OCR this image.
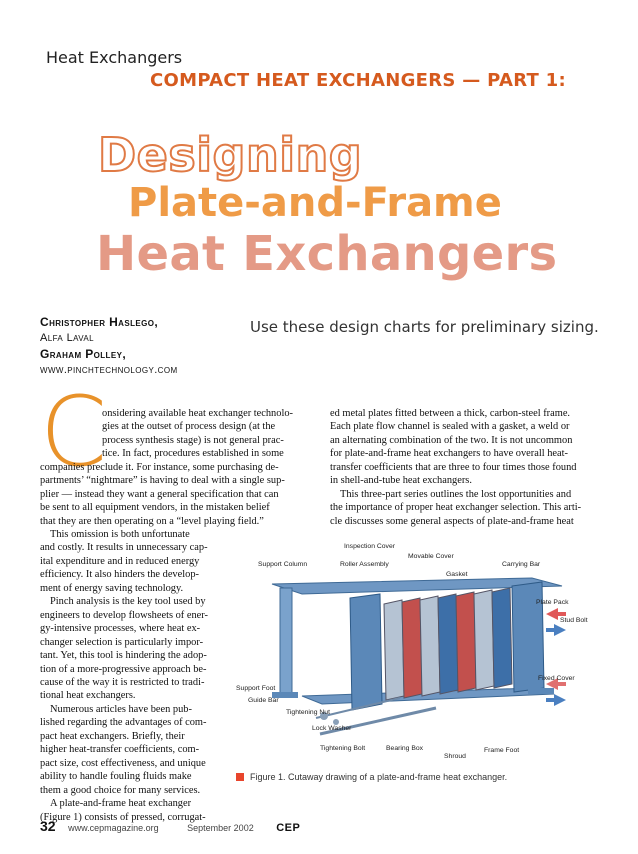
Heat Exchangers
COMPACT HEAT EXCHANGERS — PART 1:
Designing
Plate-and-Frame
Heat Exchangers
Christopher Haslego,
Alfa Laval
Graham Polley,
www.pinchtechnology.com
Use these design charts for preliminary sizing.
C
onsidering available heat exchanger technolo-
gies at the outset of process design (at the
process synthesis stage) is not general prac-
tice. In fact, procedures established in some
companies preclude it. For instance, some purchasing de-
partments’ “nightmare” is having to deal with a single sup-
plier — instead they want a general specification that can
be sent to all equipment vendors, in the mistaken belief
that they are then operating on a “level playing field.”
This omission is both unfortunate
and costly. It results in unnecessary cap-
ital expenditure and in reduced energy
efficiency. It also hinders the develop-
ment of energy saving technology.
Pinch analysis is the key tool used by
engineers to develop flowsheets of ener-
gy-intensive processes, where heat ex-
changer selection is particularly impor-
tant. Yet, this tool is hindering the adop-
tion of a more-progressive approach be-
cause of the way it is restricted to tradi-
tional heat exchangers.
Numerous articles have been pub-
lished regarding the advantages of com-
pact heat exchangers. Briefly, their
higher heat-transfer coefficients, com-
pact size, cost effectiveness, and unique
ability to handle fouling fluids make
them a good choice for many services.
A plate-and-frame heat exchanger
(Figure 1) consists of pressed, corrugat-
ed metal plates fitted between a thick, carbon-steel frame.
Each plate flow channel is sealed with a gasket, a weld or
an alternating combination of the two. It is not uncommon
for plate-and-frame heat exchangers to have overall heat-
transfer coefficients that are three to four times those found
in shell-and-tube heat exchangers.
This three-part series outlines the lost opportunities and
the importance of proper heat exchanger selection. This arti-
cle discusses some general aspects of plate-and-frame heat
Inspection Cover
Movable Cover
Support Column	Roller Assembly	Carrying Bar
Gasket
Plate Pack
Stud Bolt
Fixed Cover
Support Foot
Guide Bar
Tightening Nut
Lock Washer
Tightening Bolt	Bearing Box
Shroud
Frame Foot
Figure 1. Cutaway drawing of a plate-and-frame heat exchanger.
32 www.cepmagazine.org	September 2002 CEP
